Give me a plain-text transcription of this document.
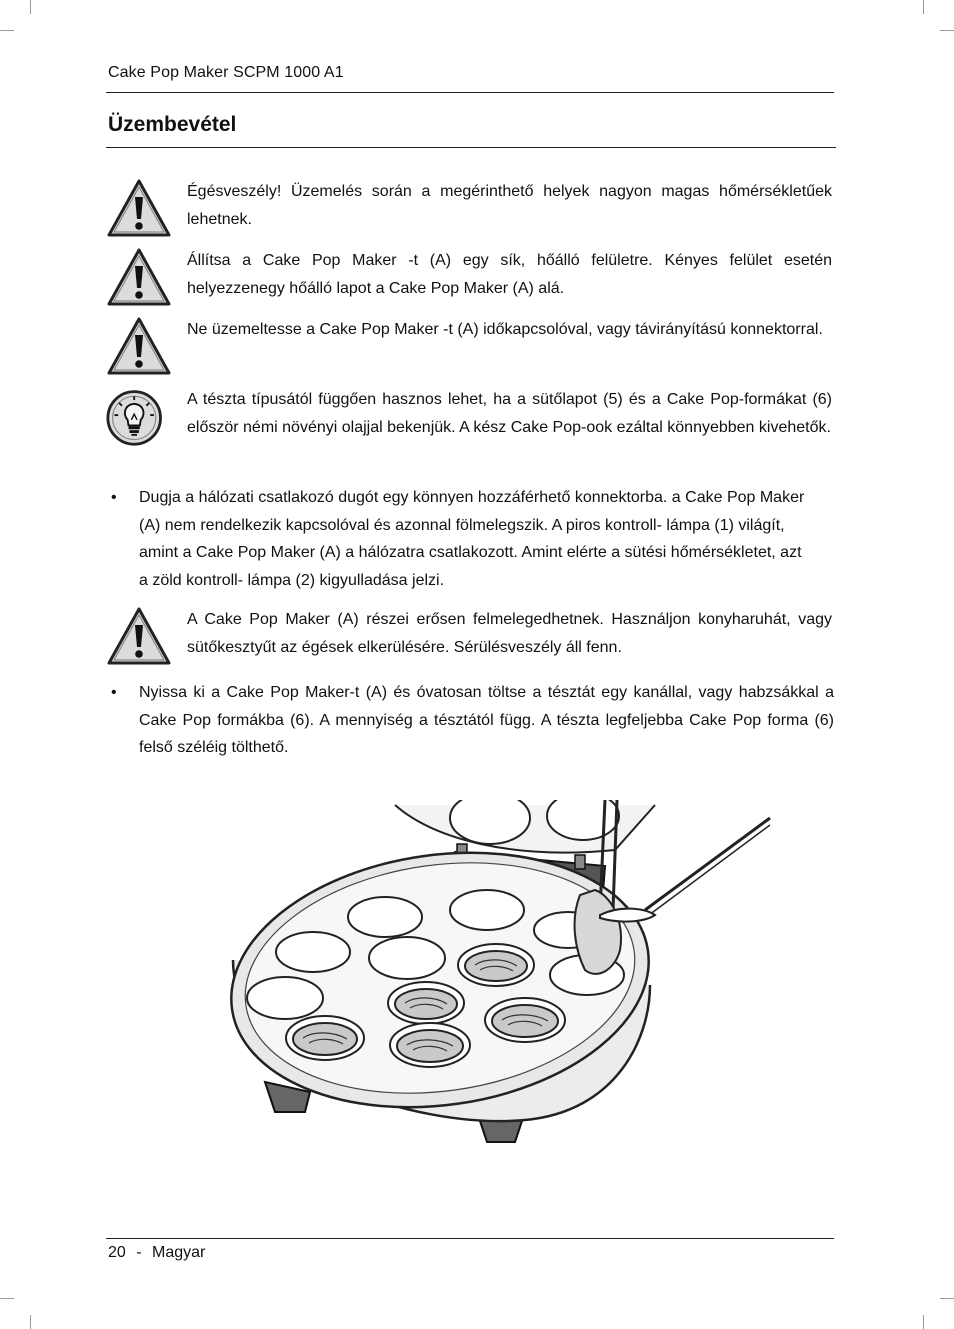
Cake Pop Maker SCPM 1000 A1
Üzembevétel

Égésveszély! Üzemelés során a megérinthető helyek nagyon magas hőmérsékletűek lehetnek.

Állítsa a Cake Pop Maker -t (A) egy sík, hőálló felületre. Kényes felület esetén helyezzenegy hőálló lapot a Cake Pop Maker (A) alá.

Ne üzemeltesse a Cake Pop Maker -t (A) időkapcsolóval, vagy távirányítású konnektorral.

A tészta típusától függően hasznos lehet, ha a sütőlapot (5) és a Cake Pop-formákat (6) először némi növényi olajjal bekenjük. A kész Cake Pop-ook ezáltal könnyebben kivehetők.

• Dugja a hálózati csatlakozó dugót egy könnyen hozzáférhető konnektorba. a Cake Pop Maker (A) nem rendelkezik kapcsolóval és azonnal fölmelegszik. A piros kontroll- lámpa (1) világít, amint a Cake Pop Maker (A) a hálózatra csatlakozott. Amint elérte a sütési hőmérsékletet, azt a zöld kontroll- lámpa (2) kigyulladása jelzi.

A Cake Pop Maker (A) részei erősen felmelegedhetnek. Használjon konyharuhát, vagy sütőkesztyűt az égések elkerülésére. Sérülésveszély áll fenn.

• Nyissa ki a Cake Pop Maker-t (A) és óvatosan töltse a tésztát egy kanállal, vagy habzsákkal a Cake Pop formákba (6). A mennyiség a tésztától függ. A tészta legfeljebba Cake Pop forma (6) felső széléig tölthető.

20 - Magyar
